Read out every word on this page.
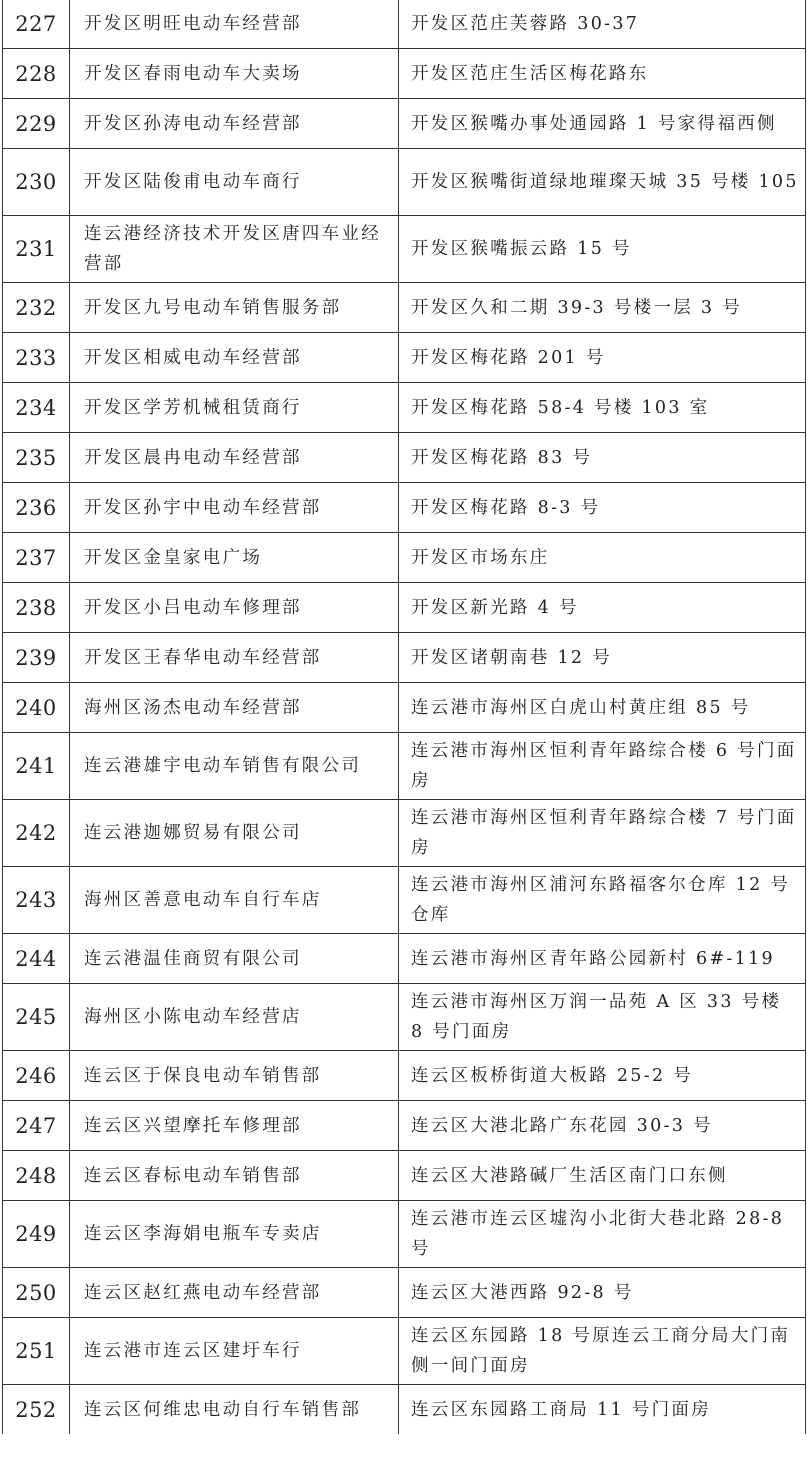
227	开发区明旺电动车经营部	开发区范庄芙蓉路 30-37

228	开发区春雨电动车大卖场	开发区范庄生活区梅花路东

229	开发区孙涛电动车经营部	开发区猴嘴办事处通园路 1 号家得福西侧

230	开发区陆俊甫电动车商行	开发区猴嘴街道绿地璀璨天城 35 号楼 105

231	连云港经济技术开发区唐四车业经营部	开发区猴嘴振云路 15 号

232	开发区九号电动车销售服务部	开发区久和二期 39-3 号楼一层 3 号

233	开发区相威电动车经营部	开发区梅花路 201 号

234	开发区学芳机械租赁商行	开发区梅花路 58-4 号楼 103 室

235	开发区晨冉电动车经营部	开发区梅花路 83 号

236	开发区孙宇中电动车经营部	开发区梅花路 8-3 号

237	开发区金皇家电广场	开发区市场东庄

238	开发区小吕电动车修理部	开发区新光路 4 号

239	开发区王春华电动车经营部	开发区诸朝南巷 12 号

240	海州区汤杰电动车经营部	连云港市海州区白虎山村黄庄组 85 号

241	连云港雄宇电动车销售有限公司	连云港市海州区恒利青年路综合楼 6 号门面房

242	连云港迦娜贸易有限公司	连云港市海州区恒利青年路综合楼 7 号门面房

243	海州区善意电动车自行车店	连云港市海州区浦河东路福客尔仓库 12 号仓库

244	连云港温佳商贸有限公司	连云港市海州区青年路公园新村 6#-119

245	海州区小陈电动车经营店	连云港市海州区万润一品苑 A 区 33 号楼 8 号门面房

246	连云区于保良电动车销售部	连云区板桥街道大板路 25-2 号

247	连云区兴望摩托车修理部	连云区大港北路广东花园 30-3 号

248	连云区春标电动车销售部	连云区大港路碱厂生活区南门口东侧

249	连云区李海娟电瓶车专卖店	连云港市连云区墟沟小北街大巷北路 28-8 号

250	连云区赵红燕电动车经营部	连云区大港西路 92-8 号

251	连云港市连云区建圩车行	连云区东园路 18 号原连云工商分局大门南侧一间门面房

252	连云区何维忠电动自行车销售部	连云区东园路工商局 11 号门面房
